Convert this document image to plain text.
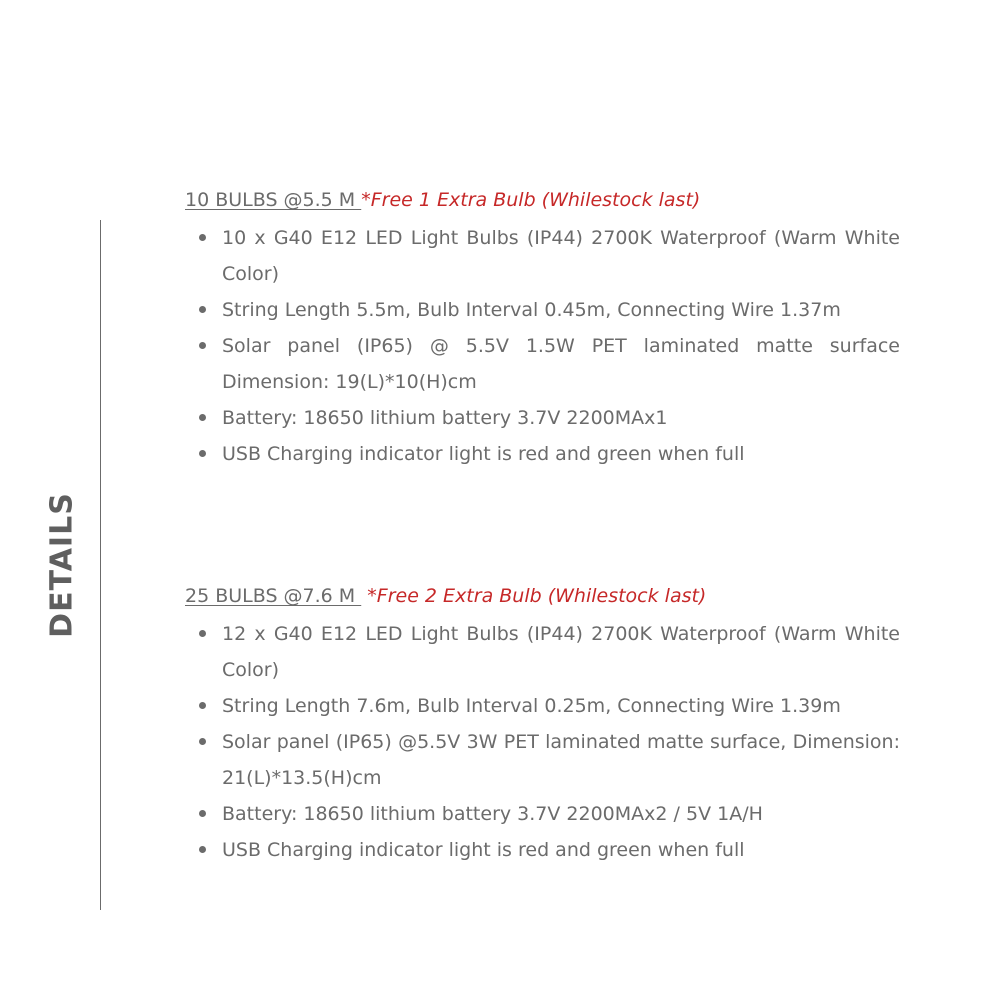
DETAILS
10 BULBS @5.5 M *Free 1 Extra Bulb (Whilestock last)
10 x G40 E12 LED Light Bulbs (IP44) 2700K Waterproof (Warm White Color)
String Length 5.5m, Bulb Interval 0.45m, Connecting Wire 1.37m
Solar panel (IP65) @ 5.5V 1.5W PET laminated matte surface Dimension: 19(L)*10(H)cm
Battery: 18650 lithium battery 3.7V 2200MAx1
USB Charging indicator light is red and green when full
25 BULBS @7.6 M  *Free 2 Extra Bulb (Whilestock last)
12 x G40 E12 LED Light Bulbs (IP44) 2700K Waterproof (Warm White Color)
String Length 7.6m, Bulb Interval 0.25m, Connecting Wire 1.39m
Solar panel (IP65) @5.5V 3W PET laminated matte surface, Dimension: 21(L)*13.5(H)cm
Battery: 18650 lithium battery 3.7V 2200MAx2 / 5V 1A/H
USB Charging indicator light is red and green when full
